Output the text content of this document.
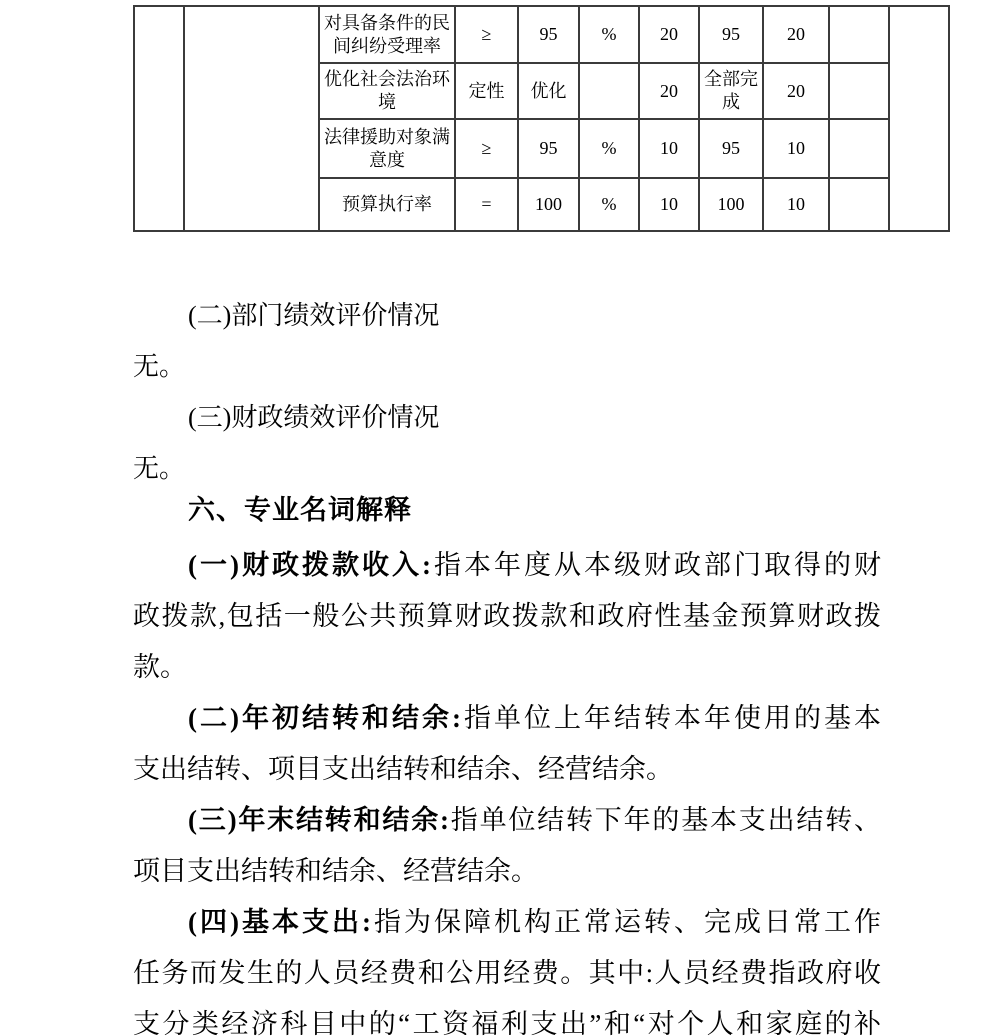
		对具备条件的民间纠纷受理率	≥	95	%	20	95	20		
		优化社会法治环境	定性	优化		20	全部完成	20		
		法律援助对象满意度	≥	95	%	10	95	10		
		预算执行率	=	100	%	10	100	10		
(二)部门绩效评价情况
无。
(三)财政绩效评价情况
无。
六、专业名词解释
(一)财政拨款收入:指本年度从本级财政部门取得的财
政拨款,包括一般公共预算财政拨款和政府性基金预算财政拨
款。
(二)年初结转和结余:指单位上年结转本年使用的基本
支出结转、项目支出结转和结余、经营结余。
(三)年末结转和结余:指单位结转下年的基本支出结转、
项目支出结转和结余、经营结余。
(四)基本支出:指为保障机构正常运转、完成日常工作
任务而发生的人员经费和公用经费。其中:人员经费指政府收
支分类经济科目中的“工资福利支出”和“对个人和家庭的补
